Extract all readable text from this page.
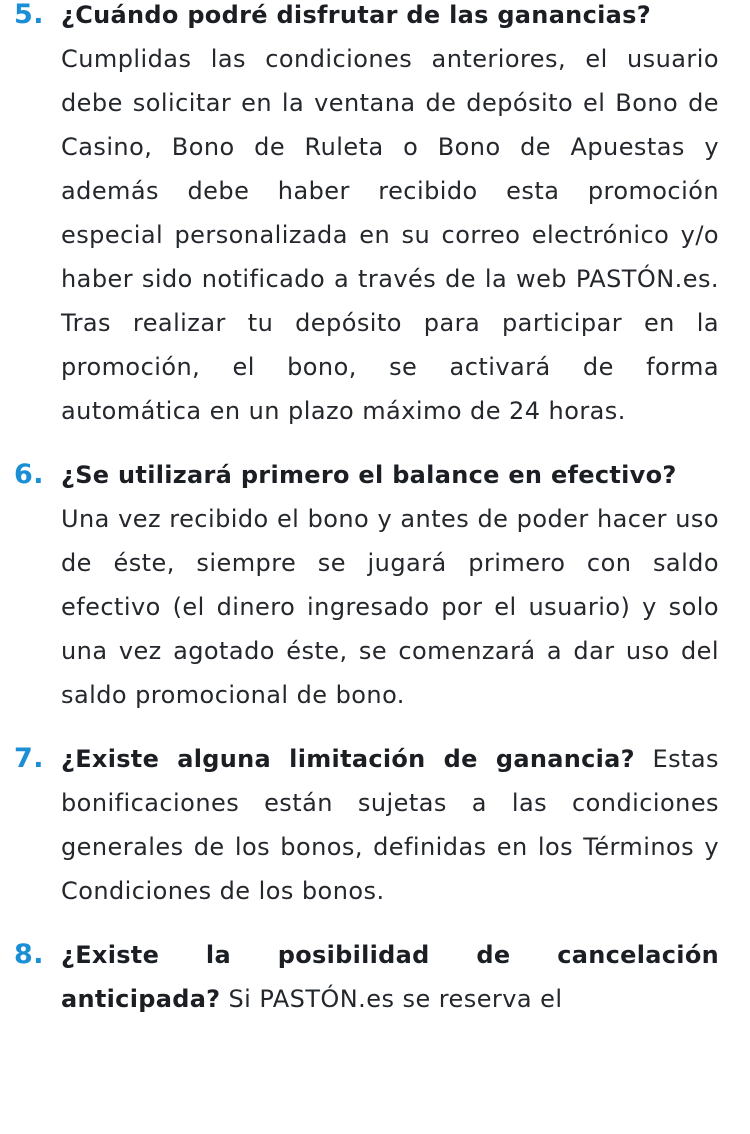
5. ¿Cuándo podré disfrutar de las ganancias?
Cumplidas las condiciones anteriores, el usuario debe solicitar en la ventana de depósito el Bono de Casino, Bono de Ruleta o Bono de Apuestas y además debe haber recibido esta promoción especial personalizada en su correo electrónico y/o haber sido notificado a través de la web PASTÓN.es. Tras realizar tu depósito para participar en la promoción, el bono, se activará de forma automática en un plazo máximo de 24 horas.

6. ¿Se utilizará primero el balance en efectivo?
Una vez recibido el bono y antes de poder hacer uso de éste, siempre se jugará primero con saldo efectivo (el dinero ingresado por el usuario) y solo una vez agotado éste, se comenzará a dar uso del saldo promocional de bono.

7. ¿Existe alguna limitación de ganancia? Estas bonificaciones están sujetas a las condiciones generales de los bonos, definidas en los Términos y Condiciones de los bonos.

8. ¿Existe la posibilidad de cancelación anticipada? Si PASTÓN.es se reserva el
